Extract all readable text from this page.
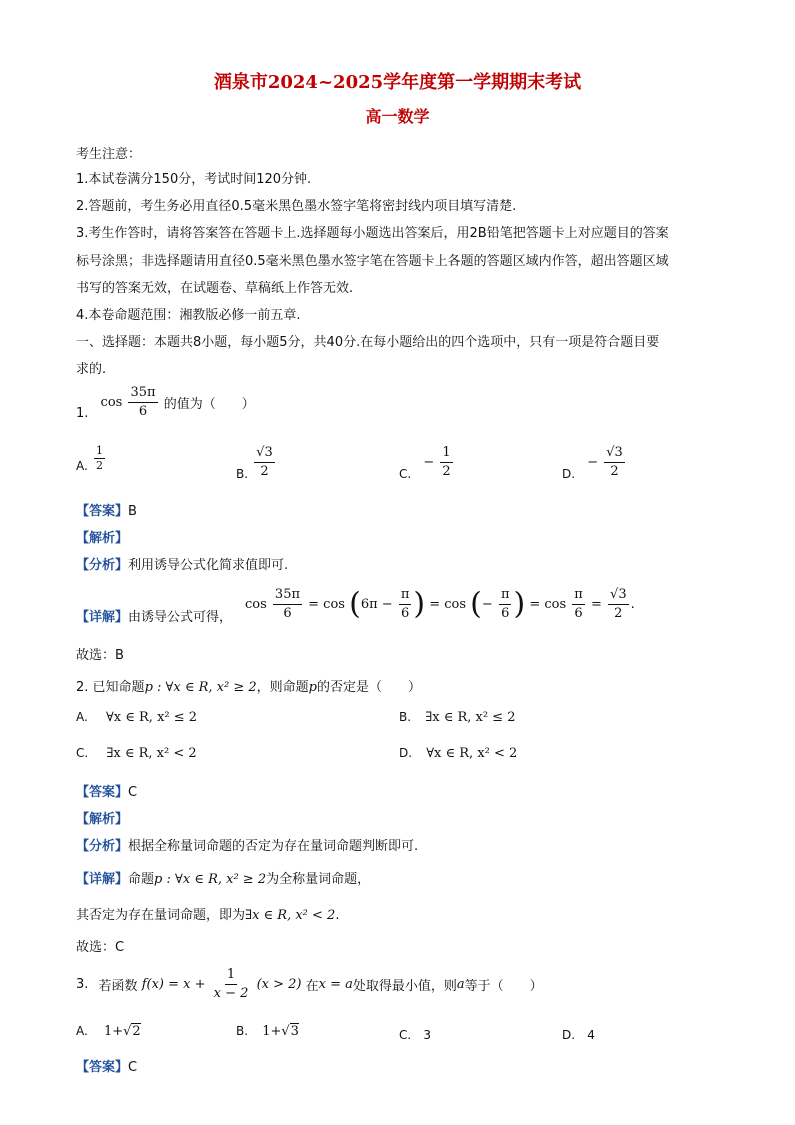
酒泉市2024~2025学年度第一学期期末考试
高一数学
考生注意：
1.本试卷满分150分，考试时间120分钟.
2.答题前，考生务必用直径0.5毫米黑色墨水签字笔将密封线内项目填写清楚.
3.考生作答时，请将答案答在答题卡上.选择题每小题选出答案后，用2B铅笔把答题卡上对应题目的答案
标号涂黑；非选择题请用直径0.5毫米黑色墨水签字笔在答题卡上各题的答题区域内作答，超出答题区域
书写的答案无效，在试题卷、草稿纸上作答无效.
4.本卷命题范围：湘教版必修一前五章.
一、选择题：本题共8小题，每小题5分，共40分.在每小题给出的四个选项中，只有一项是符合题目要
求的.
1. $\cos \frac{35\pi}{6}$ 的值为（　　）
A. $\frac{1}{2}$
B. $\frac{√3}{2}$	C. − $\frac{1}{2}$	D. − $\frac{√3}{2}$
【答案】B
【解析】
【分析】利用诱导公式化简求值即可.
【详解】由诱导公式可得，
$\cos \frac{35\pi}{6} = \cos (6\pi - \frac{\pi}{6}$ ) = cos (− $\frac{\pi}{6}$ ) = $\cos \frac{\pi}{6} = \frac{√3}{2}$ .
故选：B
2. 已知命题p : ∀x ∈ R, x² ≥ 2，则命题p的否定是（　　）
A. ∀x ∈ R, x² ≤ 2	B. ∃x ∈ R, x² ≤ 2
C. ∃x ∈ R, x² < 2	D. ∀x ∈ R, x² < 2
【答案】C
【解析】
【分析】根据全称量词命题的否定为存在量词命题判断即可.
【详解】命题p : ∀x ∈ R, x² ≥ 2为全称量词命题，
其否定为存在量词命题，即为∃x ∈ R, x² < 2.
故选：C
3. 若函数 $f(x) = x + \frac{1}{x - 2} (x > 2)$ 在x = a处取得最小值，则a等于（　　）
A. 1+√2	B. 1+√3	C. 3	D. 4
【答案】C
